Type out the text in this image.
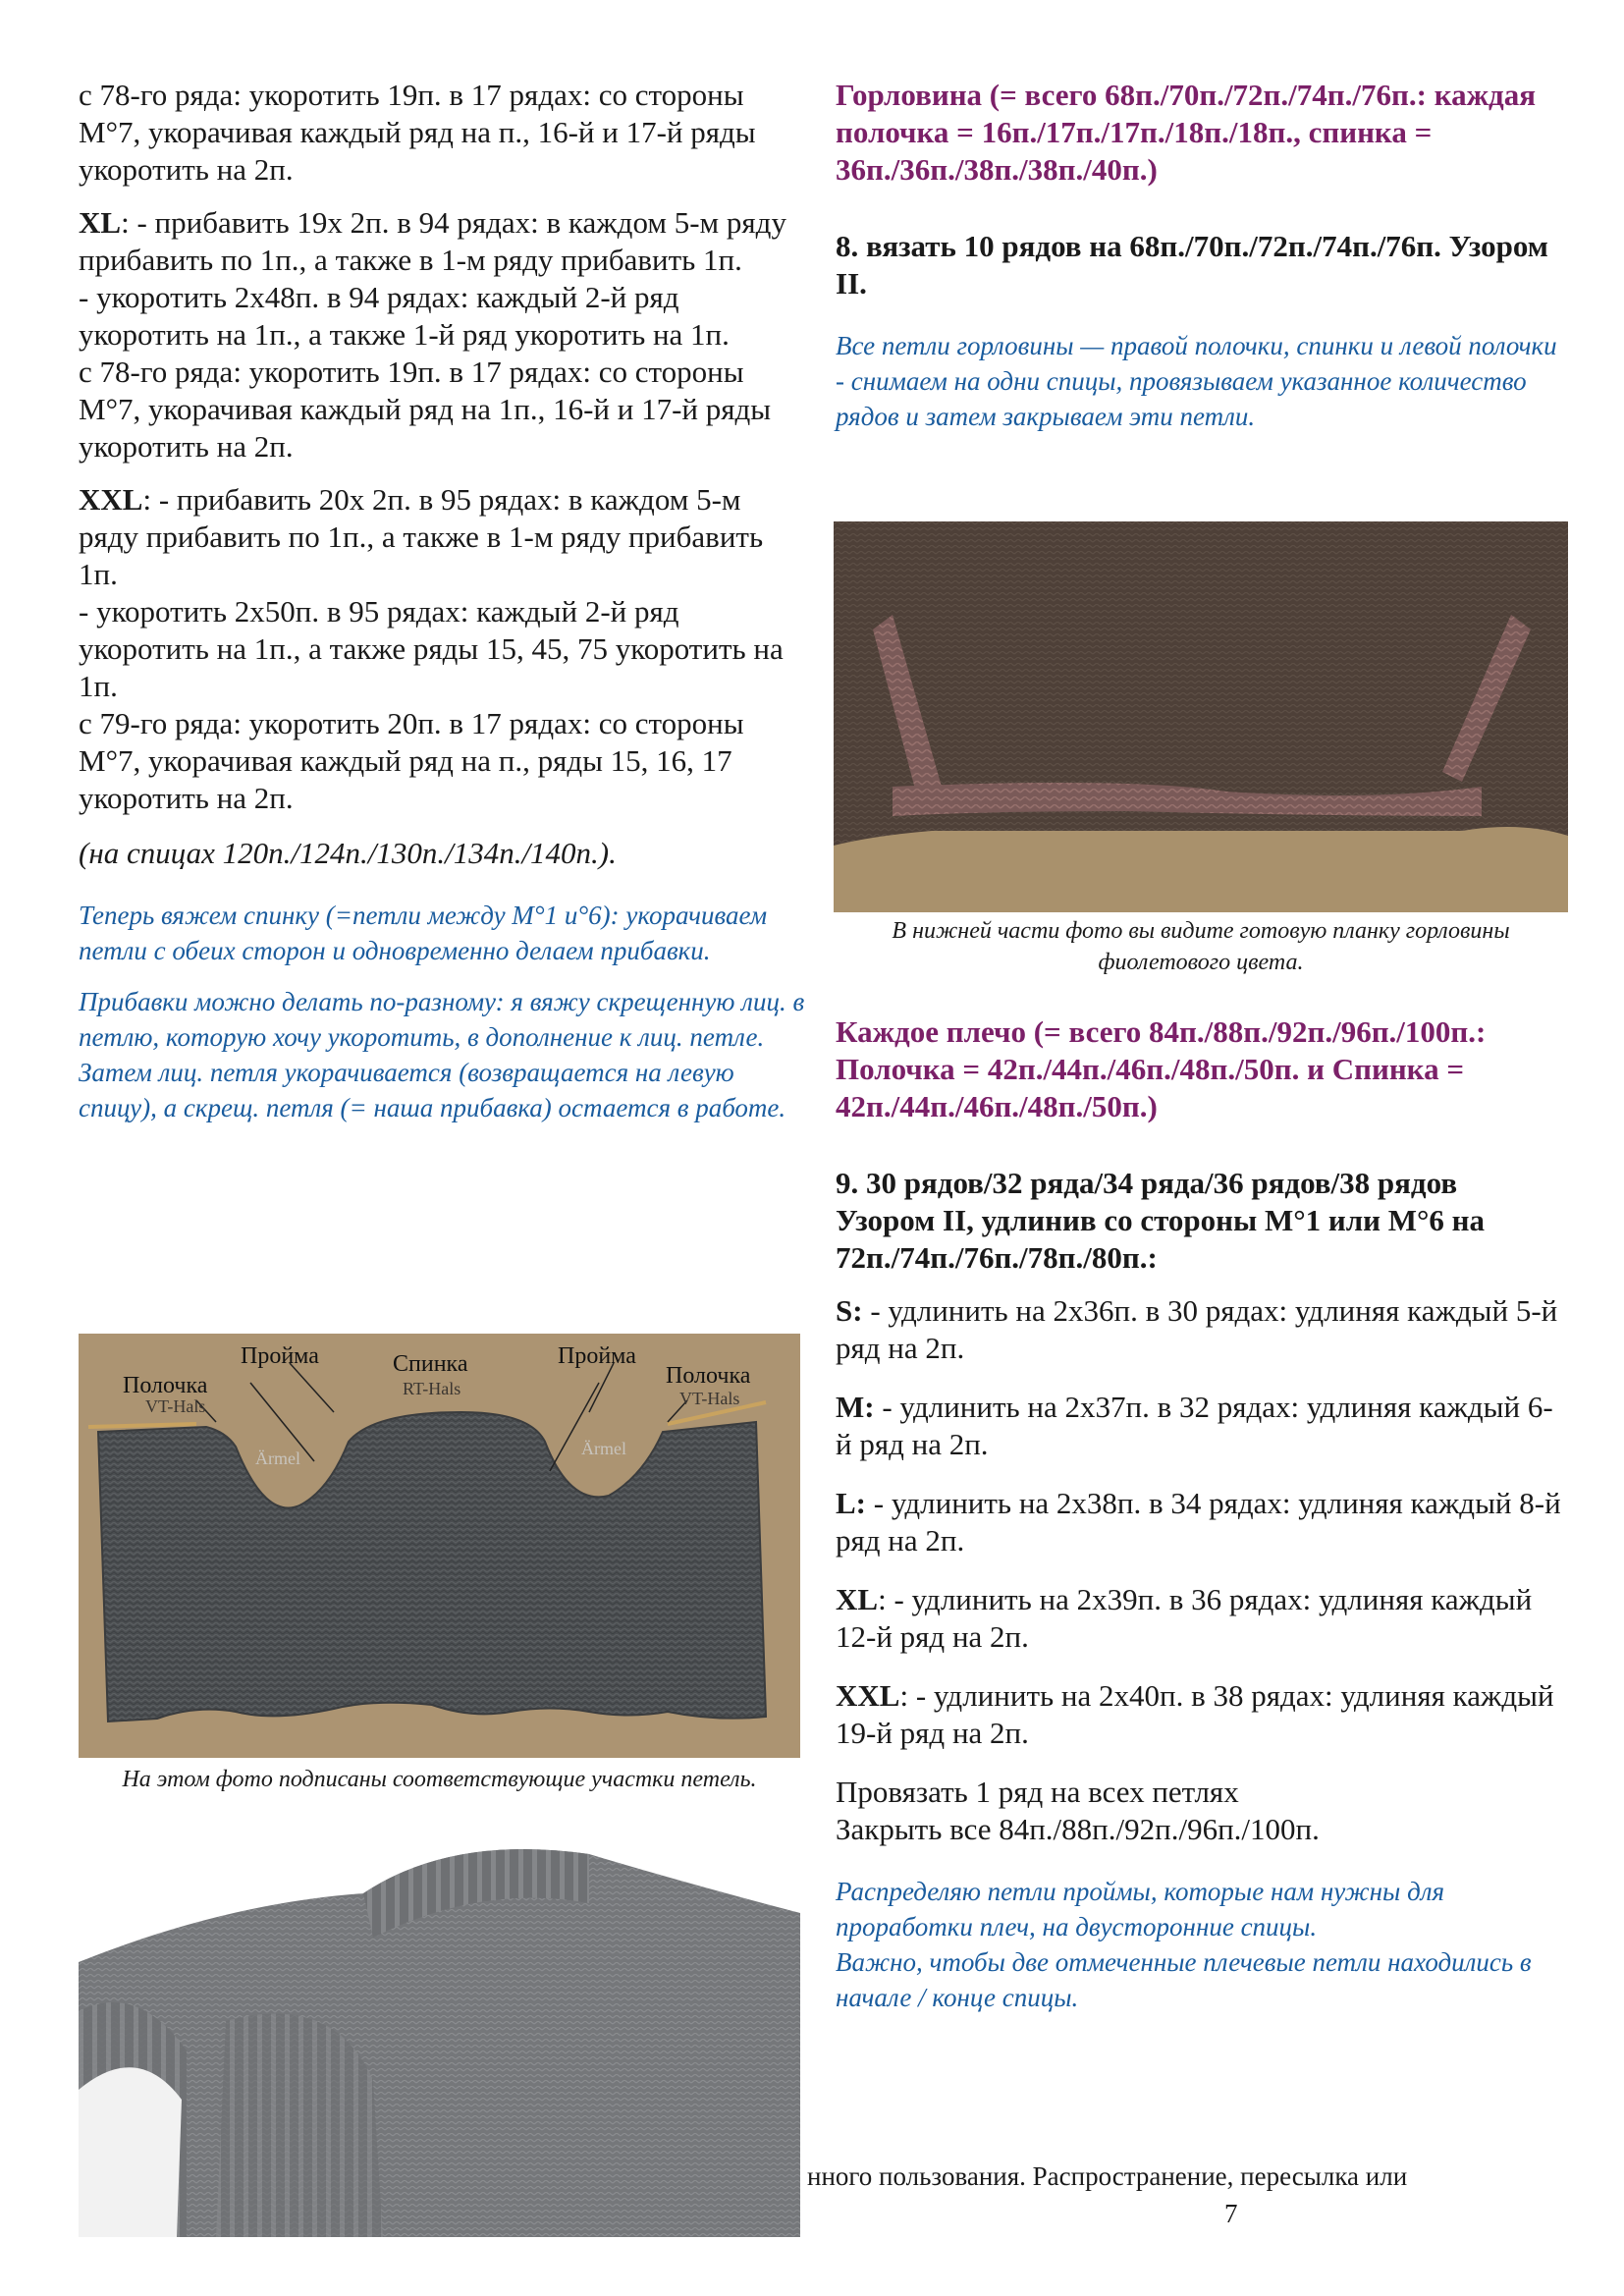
с 78-го ряда: укоротить 19п. в 17 рядах: со стороны М°7, укорачивая каждый ряд на п., 16-й и 17-й ряды укоротить на 2п.

XL: - прибавить 19x 2п. в 94 рядах: в каждом 5-м ряду прибавить по 1п., а также в 1-м ряду прибавить 1п.

- укоротить 2x48п. в 94 рядах: каждый 2-й ряд укоротить на 1п., а также 1-й ряд укоротить на 1п.

с 78-го ряда: укоротить 19п. в 17 рядах: со стороны М°7, укорачивая каждый ряд на 1п., 16-й и 17-й ряды укоротить на 2п.

XXL: - прибавить 20x 2п. в 95 рядах: в каждом 5-м ряду прибавить по 1п., а также в 1-м ряду прибавить 1п.

- укоротить 2x50п. в 95 рядах: каждый 2-й ряд укоротить на 1п., а также ряды 15, 45, 75 укоротить на 1п.

с 79-го ряда: укоротить 20п. в 17 рядах: со стороны М°7, укорачивая каждый ряд на п., ряды 15, 16, 17 укоротить на 2п.

(на спицах 120п./124п./130п./134п./140п.).

Теперь вяжем спинку (=петли между М°1 и°6): укорачиваем петли с обеих сторон и одновременно делаем прибавки.

Прибавки можно делать по-разному: я вяжу скрещенную лиц. в петлю, которую хочу укоротить, в дополнение к лиц. петле.

Затем лиц. петля укорачивается (возвращается на левую спицу), а скрещ. петля (= наша прибавка) остается в работе.

Пройма	Спинка	Пройма
Полочка	Полочка
VT-Hals
RT-Hals	VT-Hals
Ärmel	Ärmel
На этом фото подписаны соответствующие участки петель.

Горловина (= всего 68п./70п./72п./74п./76п.: каждая полочка = 16п./17п./17п./18п./18п., спинка = 36п./36п./38п./38п./40п.)

8. вязать 10 рядов на 68п./70п./72п./74п./76п. Узором II.

Все петли горловины — правой полочки, спинки и левой полочки - снимаем на одни спицы, провязываем указанное количество рядов и затем закрываем эти петли.

В нижней части фото вы видите готовую планку горловины фиолетового цвета.

Каждое плечо (= всего 84п./88п./92п./96п./100п.: Полочка = 42п./44п./46п./48п./50п. и Спинка = 42п./44п./46п./48п./50п.)

9. 30 рядов/32 ряда/34 ряда/36 рядов/38 рядов Узором II, удлинив со стороны М°1 или М°6 на 72п./74п./76п./78п./80п.:

S: - удлинить на 2x36п. в 30 рядах: удлиняя каждый 5-й ряд на 2п.

M: - удлинить на 2x37п. в 32 рядах: удлиняя каждый 6-й ряд на 2п.

L: - удлинить на 2x38п. в 34 рядах: удлиняя каждый 8-й ряд на 2п.

XL: - удлинить на 2x39п. в 36 рядах: удлиняя каждый 12-й ряд на 2п.

XXL: - удлинить на 2x40п. в 38 рядах: удлиняя каждый 19-й ряд на 2п.

Провязать 1 ряд на всех петлях

Закрыть все 84п./88п./92п./96п./100п.

Распределяю петли проймы, которые нам нужны для проработки плеч, на двусторонние спицы.

Важно, чтобы две отмеченные плечевые петли находились в начале / конце спицы.

нного пользования. Распространение, пересылка или
7
